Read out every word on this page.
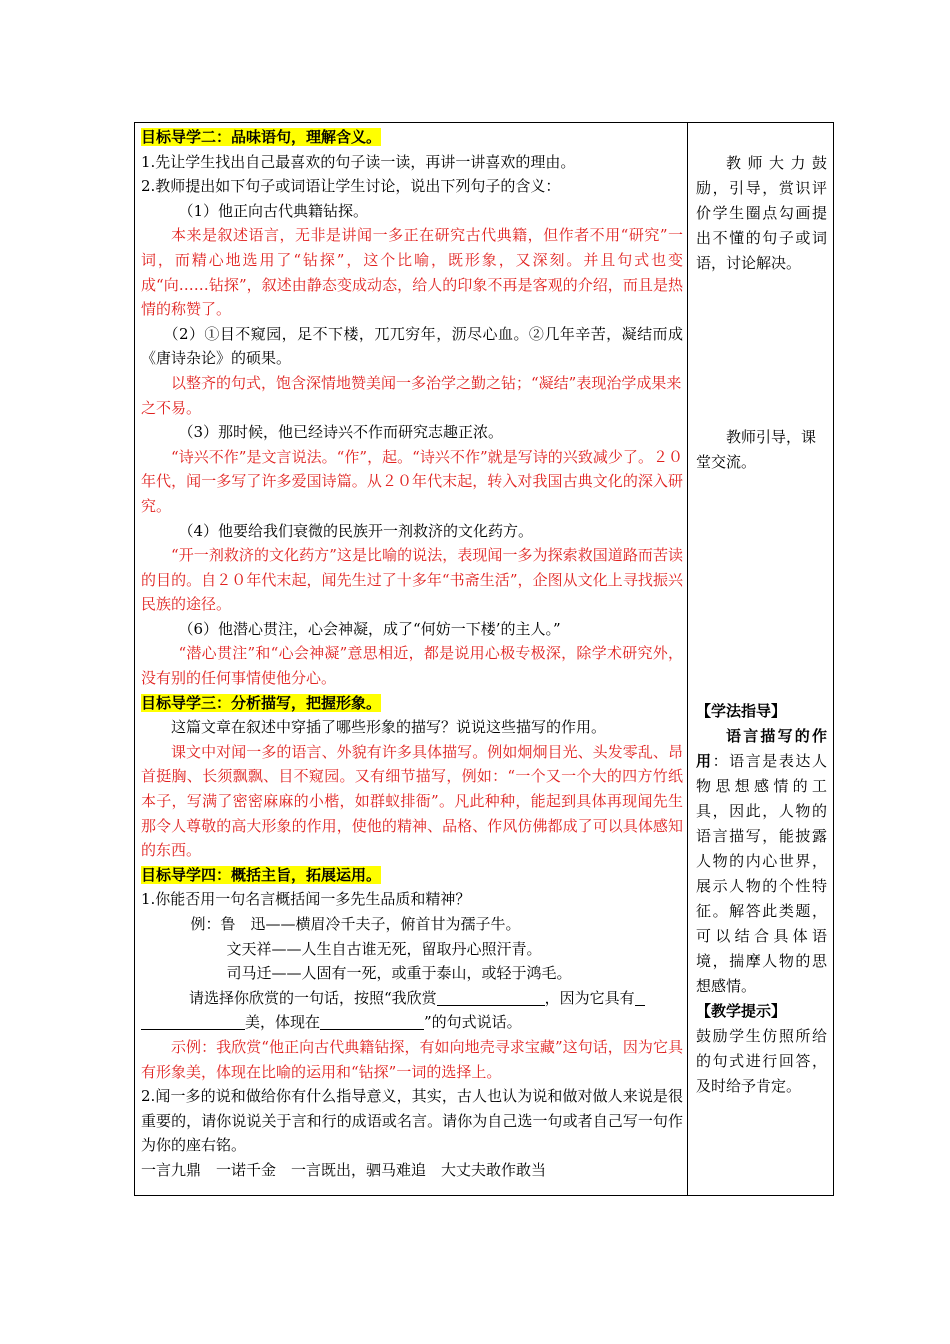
目标导学二：品味语句，理解含义。

1.先让学生找出自己最喜欢的句子读一读，再讲一讲喜欢的理由。

2.教师提出如下句子或词语让学生讨论，说出下列句子的含义：

（1）他正向古代典籍钻探。

本来是叙述语言，无非是讲闻一多正在研究古代典籍，但作者不用“研究”一词，而精心地选用了“钻探”，这个比喻，既形象，又深刻。并且句式也变成“向……钻探”，叙述由静态变成动态，给人的印象不再是客观的介绍，而且是热情的称赞了。

（2）①目不窥园，足不下楼，兀兀穷年，沥尽心血。②几年辛苦，凝结而成《唐诗杂论》的硕果。

以整齐的句式，饱含深情地赞美闻一多治学之勤之钻；“凝结”表现治学成果来之不易。

（3）那时候，他已经诗兴不作而研究志趣正浓。

“诗兴不作”是文言说法。“作”，起。“诗兴不作”就是写诗的兴致减少了。２０年代，闻一多写了许多爱国诗篇。从２０年代末起，转入对我国古典文化的深入研究。

（4）他要给我们衰微的民族开一剂救济的文化药方。

“开一剂救济的文化药方”这是比喻的说法，表现闻一多为探索救国道路而苦读的目的。自２０年代末起，闻先生过了十多年“书斋生活”，企图从文化上寻找振兴民族的途径。

（6）他潜心贯注，心会神凝，成了“何妨一下楼’的主人。”

“潜心贯注”和“心会神凝”意思相近，都是说用心极专极深，除学术研究外，没有别的任何事情使他分心。

目标导学三：分析描写，把握形象。

这篇文章在叙述中穿插了哪些形象的描写？说说这些描写的作用。

课文中对闻一多的语言、外貌有许多具体描写。例如炯炯目光、头发零乱、昂首挺胸、长须飘飘、目不窥园。又有细节描写，例如：“一个又一个大的四方竹纸本子，写满了密密麻麻的小楷，如群蚁排衙”。凡此种种，能起到具体再现闻先生那令人尊敬的高大形象的作用，使他的精神、品格、作风仿佛都成了可以具体感知的东西。

目标导学四：概括主旨，拓展运用。

1.你能否用一句名言概括闻一多先生品质和精神？

例：鲁　迅——横眉冷千夫子，俯首甘为孺子牛。

文天祥——人生自古谁无死，留取丹心照汗青。

司马迁——人固有一死，或重于泰山，或轻于鸿毛。

请选择你欣赏的一句话，按照“我欣赏	，因为它具有

美，体现在	”的句式说话。

示例：我欣赏“他正向古代典籍钻探，有如向地壳寻求宝藏”这句话，因为它具有形象美，体现在比喻的运用和“钻探”一词的选择上。

2.闻一多的说和做给你有什么指导意义，其实，古人也认为说和做对做人来说是很重要的，请你说说关于言和行的成语或名言。请你为自己选一句或者自己写一句作为你的座右铭。

一言九鼎　一诺千金　一言既出，驷马难追　大丈夫敢作敢当

教师大力鼓励，引导，赏识评价学生圈点勾画提出不懂的句子或词语，讨论解决。

教师引导，课堂交流。

【学法指导】

语言描写的作用：语言是表达人物思想感情的工具，因此，人物的语言描写，能披露人物的内心世界，展示人物的个性特征。解答此类题，可以结合具体语境，揣摩人物的思想感情。

【教学提示】

鼓励学生仿照所给的句式进行回答，及时给予肯定。
